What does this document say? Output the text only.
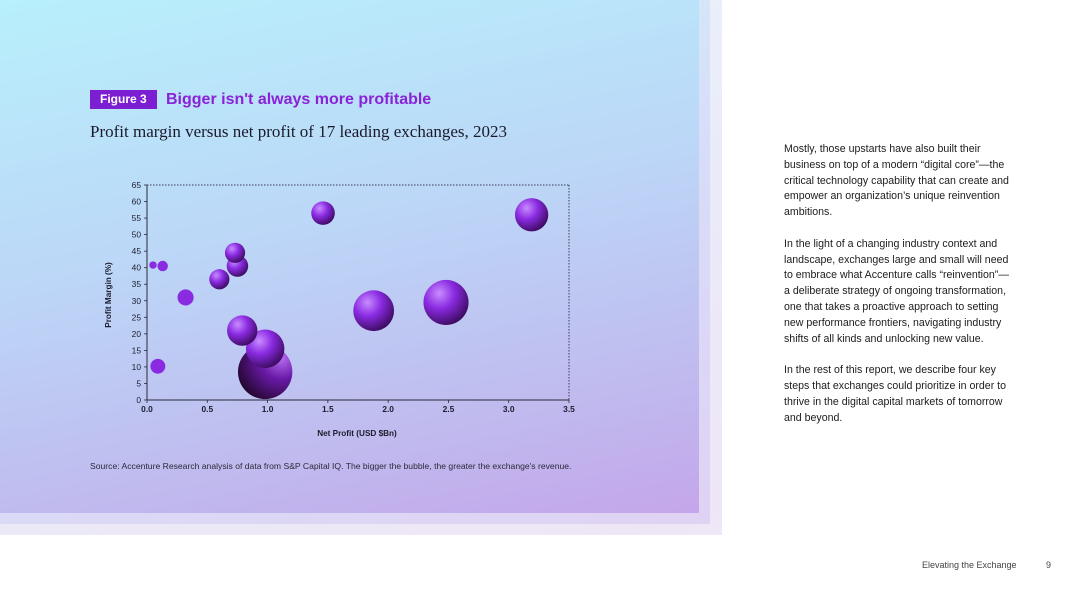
Figure 3	Bigger isn't always more profitable
Profit margin versus net profit of 17 leading exchanges, 2023
0
5
10
15
20
25
30
35
40
45
50
55
60
65
0.0	0.5	1.0	1.5	2.0	2.5	3.0	3.5
Net Profit (USD $Bn)
Profit Margin (%)
Source: Accenture Research analysis of data from S&P Capital IQ. The bigger the bubble, the greater the exchange's revenue.

Mostly, those upstarts have also built their business on top of a modern “digital core”—the critical technology capability that can create and empower an organization’s unique reinvention ambitions.

In the light of a changing industry context and landscape, exchanges large and small will need to embrace what Accenture calls “reinvention”—a deliberate strategy of ongoing transformation, one that takes a proactive approach to setting new performance frontiers, navigating industry shifts of all kinds and unlocking new value.

In the rest of this report, we describe four key steps that exchanges could prioritize in order to thrive in the digital capital markets of tomorrow and beyond.

Elevating the Exchange	9
